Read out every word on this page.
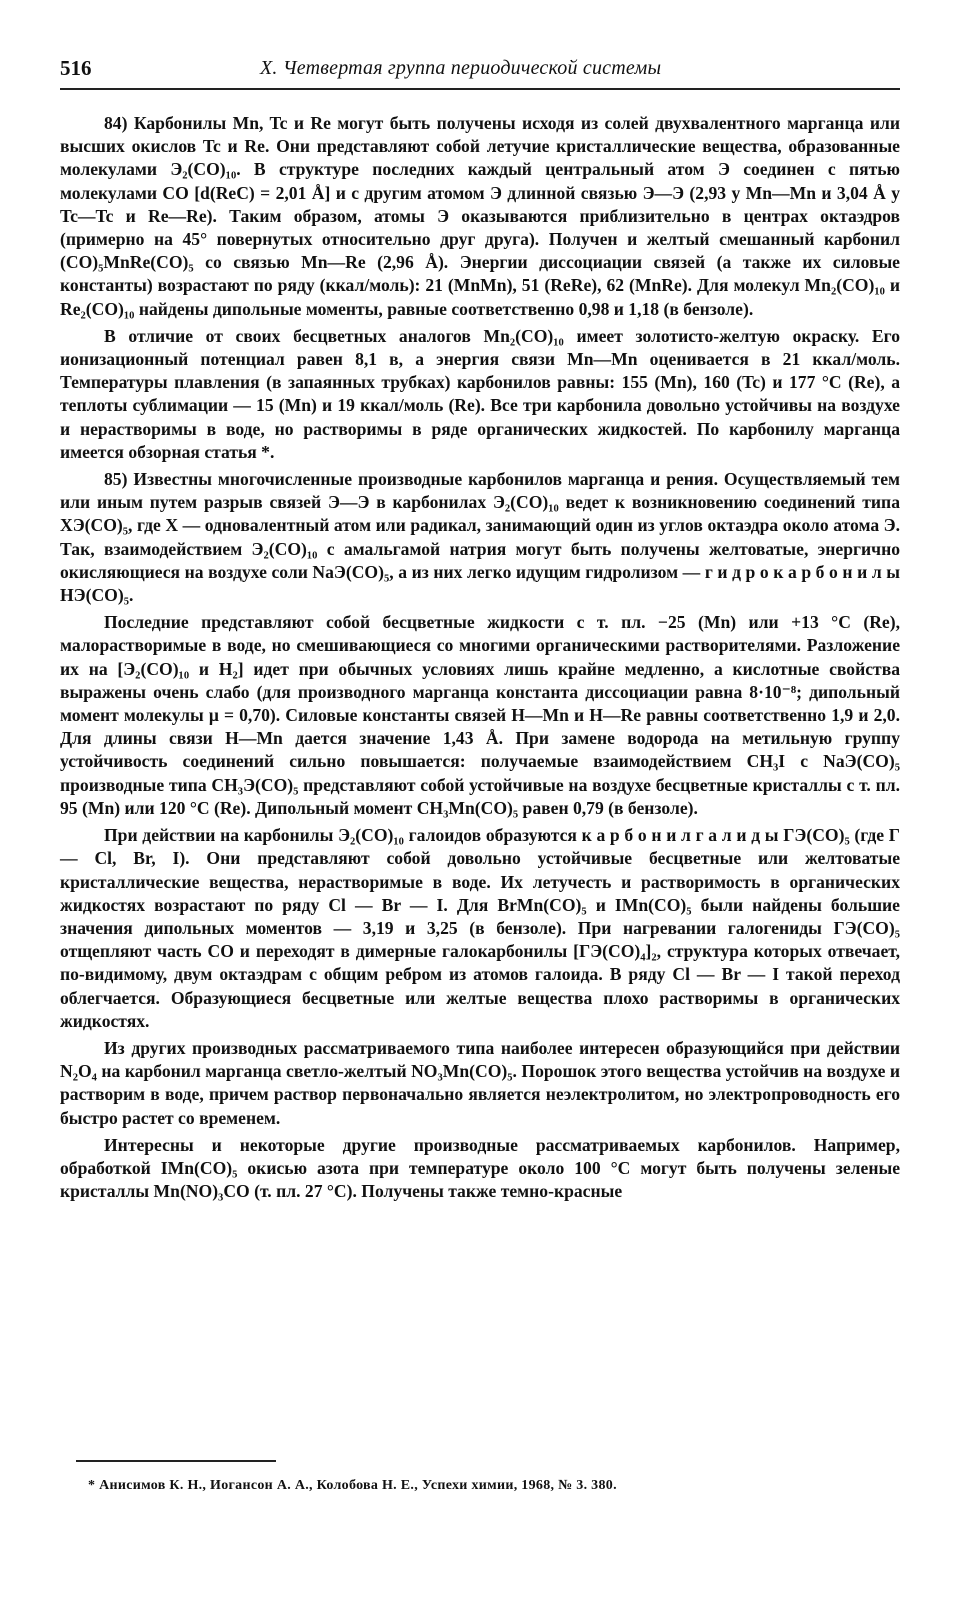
516	X. Четвертая группа периодической системы

84) Карбонилы Mn, Tc и Re могут быть получены исходя из солей двухвалентного марганца или высших окислов Tc и Re. Они представляют собой летучие кристаллические вещества, образованные молекулами Э₂(CO)₁₀. В структуре последних каждый центральный атом Э соединен с пятью молекулами CO [d(ReC) = 2,01 Å] и с другим атомом Э длинной связью Э—Э (2,93 у Mn—Mn и 3,04 Å у Tc—Tc и Re—Re). Таким образом, атомы Э оказываются приблизительно в центрах октаэдров (примерно на 45° повернутых относительно друг друга). Получен и желтый смешанный карбонил (CO)₅MnRe(CO)₅ со связью Mn—Re (2,96 Å). Энергии диссоциации связей (а также их силовые константы) возрастают по ряду (ккал/моль): 21 (MnMn), 51 (ReRe), 62 (MnRe). Для молекул Mn₂(CO)₁₀ и Re₂(CO)₁₀ найдены дипольные моменты, равные соответственно 0,98 и 1,18 (в бензоле).

В отличие от своих бесцветных аналогов Mn₂(CO)₁₀ имеет золотисто-желтую окраску. Его ионизационный потенциал равен 8,1 в, а энергия связи Mn—Mn оценивается в 21 ккал/моль. Температуры плавления (в запаянных трубках) карбонилов равны: 155 (Mn), 160 (Tc) и 177 °C (Re), а теплоты сублимации — 15 (Mn) и 19 ккал/моль (Re). Все три карбонила довольно устойчивы на воздухе и нерастворимы в воде, но растворимы в ряде органических жидкостей. По карбонилу марганца имеется обзорная статья *.

85) Известны многочисленные производные карбонилов марганца и рения. Осуществляемый тем или иным путем разрыв связей Э—Э в карбонилах Э₂(CO)₁₀ ведет к возникновению соединений типа XЭ(CO)₅, где X — одновалентный атом или радикал, занимающий один из углов октаэдра около атома Э. Так, взаимодействием Э₂(CO)₁₀ с амальгамой натрия могут быть получены желтоватые, энергично окисляющиеся на воздухе соли NaЭ(CO)₅, а из них легко идущим гидролизом — г и д р о к а р б о н и л ы HЭ(CO)₅.

Последние представляют собой бесцветные жидкости с т. пл. −25 (Mn) или +13 °C (Re), малорастворимые в воде, но смешивающиеся со многими органическими растворителями. Разложение их на [Э₂(CO)₁₀ и H₂] идет при обычных условиях лишь крайне медленно, а кислотные свойства выражены очень слабо (для производного марганца константа диссоциации равна 8·10⁻⁸; дипольный момент молекулы μ = 0,70). Силовые константы связей H—Mn и H—Re равны соответственно 1,9 и 2,0. Для длины связи H—Mn дается значение 1,43 Å. При замене водорода на метильную группу устойчивость соединений сильно повышается: получаемые взаимодействием CH₃I с NaЭ(CO)₅ производные типа CH₃Э(CO)₅ представляют собой устойчивые на воздухе бесцветные кристаллы с т. пл. 95 (Mn) или 120 °C (Re). Дипольный момент CH₃Mn(CO)₅ равен 0,79 (в бензоле).

При действии на карбонилы Э₂(CO)₁₀ галоидов образуются к а р б о н и л г а л и д ы ГЭ(CO)₅ (где Г — Cl, Br, I). Они представляют собой довольно устойчивые бесцветные или желтоватые кристаллические вещества, нерастворимые в воде. Их летучесть и растворимость в органических жидкостях возрастают по ряду Cl — Br — I. Для BrMn(CO)₅ и IMn(CO)₅ были найдены большие значения дипольных моментов — 3,19 и 3,25 (в бензоле). При нагревании галогениды ГЭ(CO)₅ отщепляют часть CO и переходят в димерные галокарбонилы [ГЭ(CO)₄]₂, структура которых отвечает, по-видимому, двум октаэдрам с общим ребром из атомов галоида. В ряду Cl — Br — I такой переход облегчается. Образующиеся бесцветные или желтые вещества плохо растворимы в органических жидкостях.

Из других производных рассматриваемого типа наиболее интересен образующийся при действии N₂O₄ на карбонил марганца светло-желтый NO₃Mn(CO)₅. Порошок этого вещества устойчив на воздухе и растворим в воде, причем раствор первоначально является неэлектролитом, но электропроводность его быстро растет со временем.

Интересны и некоторые другие производные рассматриваемых карбонилов. Например, обработкой IMn(CO)₅ окисью азота при температуре около 100 °C могут быть получены зеленые кристаллы Mn(NO)₃CO (т. пл. 27 °C). Получены также темно-красные

* Анисимов К. Н., Иогансон А. А., Колобова Н. Е., Успехи химии, 1968, № 3. 380.
